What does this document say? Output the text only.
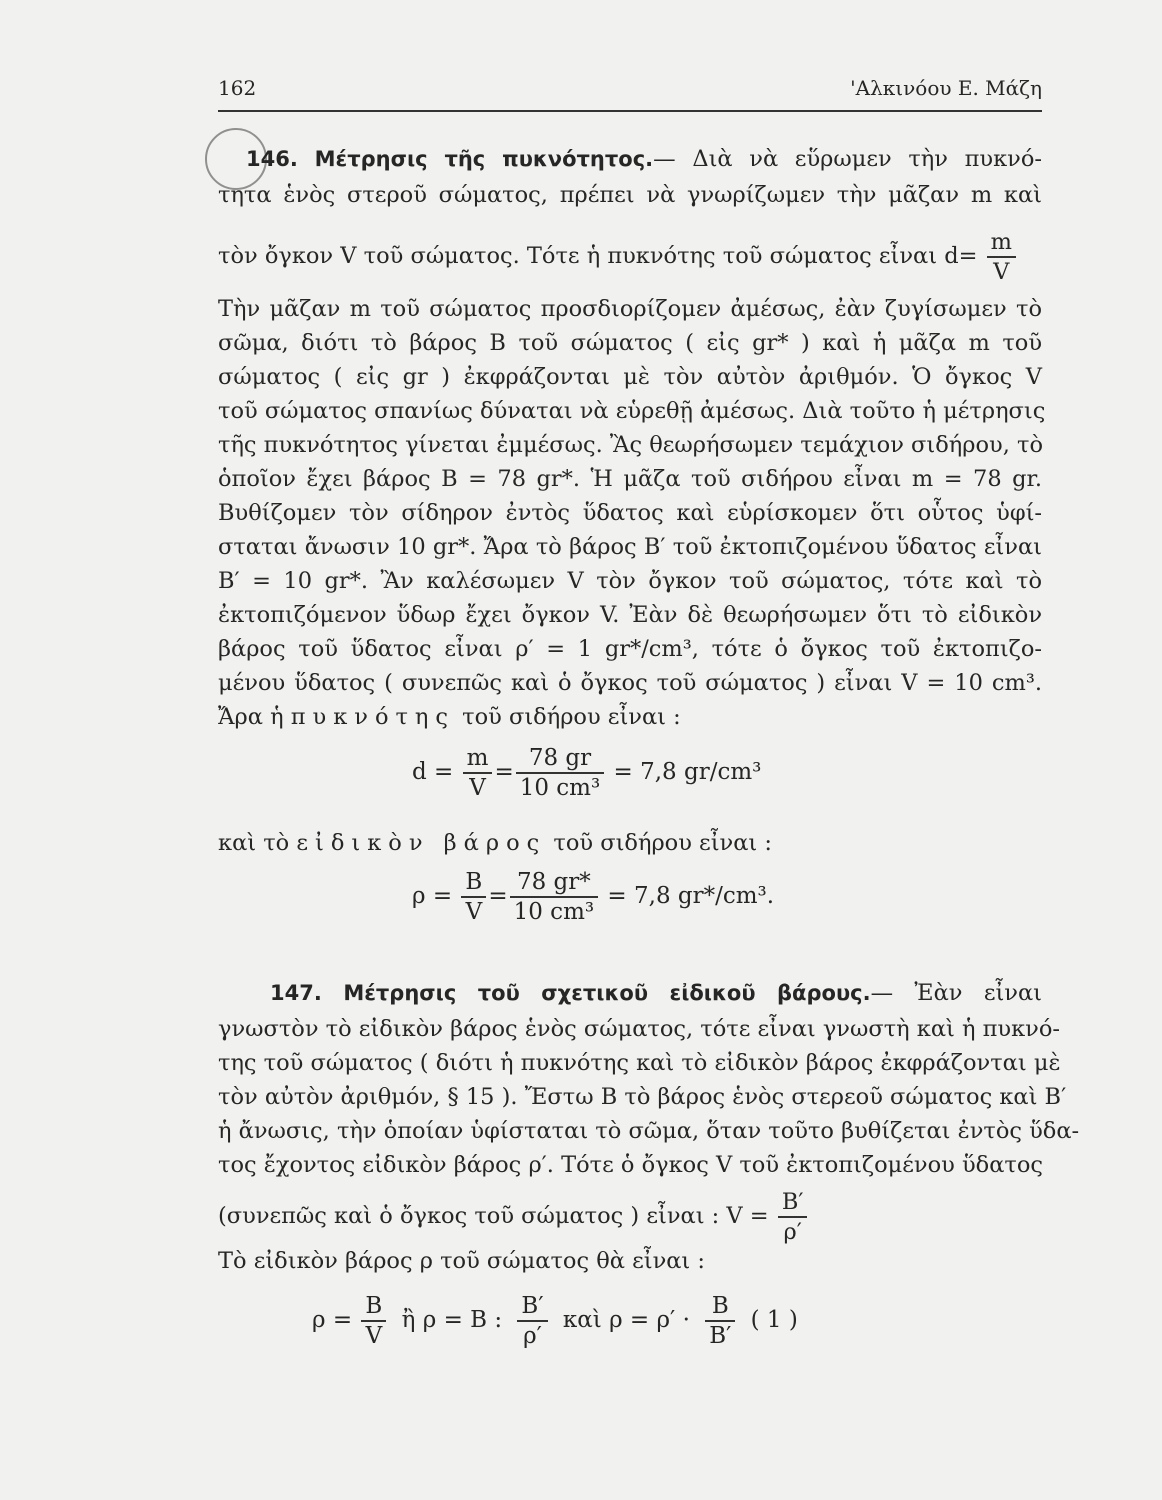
162	'Αλκινόου Ε. Μάζη
146. Μέτρησις τῆς πυκνότητος.— Διὰ νὰ εὕρωμεν τὴν πυκνό-
τητα ἑνὸς στεροῦ σώματος, πρέπει νὰ γνωρίζωμεν τὴν μᾶζαν m καὶ
τὸν ὄγκον V τοῦ σώματος. Τότε ἡ πυκνότης τοῦ σώματος εἶναι $d= \frac{m}{V}$
Τὴν μᾶζαν m τοῦ σώματος προσδιορίζομεν ἀμέσως, ἐὰν ζυγίσωμεν τὸ
σῶμα, διότι τὸ βάρος B τοῦ σώματος ( εἰς gr* ) καὶ ἡ μᾶζα m τοῦ
σώματος ( εἰς gr ) ἐκφράζονται μὲ τὸν αὐτὸν ἀριθμόν. Ὁ ὄγκος V
τοῦ σώματος σπανίως δύναται νὰ εὑρεθῇ ἀμέσως. Διὰ τοῦτο ἡ μέτρησις
τῆς πυκνότητος γίνεται ἐμμέσως. Ἂς θεωρήσωμεν τεμάχιον σιδήρου, τὸ
ὁποῖον ἔχει βάρος B = 78 gr*. Ἡ μᾶζα τοῦ σιδήρου εἶναι m = 78 gr.
Βυθίζομεν τὸν σίδηρον ἐντὸς ὕδατος καὶ εὑρίσκομεν ὅτι οὗτος ὑφί-
σταται ἄνωσιν 10 gr*. Ἄρα τὸ βάρος B′ τοῦ ἐκτοπιζομένου ὕδατος εἶναι
B′ = 10 gr*. Ἂν καλέσωμεν V τὸν ὄγκον τοῦ σώματος, τότε καὶ τὸ
ἐκτοπιζόμενον ὕδωρ ἔχει ὄγκον V. Ἐὰν δὲ θεωρήσωμεν ὅτι τὸ εἰδικὸν
βάρος τοῦ ὕδατος εἶναι ρ′ = 1 gr*/cm³, τότε ὁ ὄγκος τοῦ ἐκτοπιζο-
μένου ὕδατος ( συνεπῶς καὶ ὁ ὄγκος τοῦ σώματος ) εἶναι V = 10 cm³.
Ἄρα ἡ πυκνότης τοῦ σιδήρου εἶναι :
$d = \frac{m}{V} = \frac{78 gr}{\text{10 cm³}} = 7,8$ gr/cm³
καὶ τὸ εἰδικὸν βάρος τοῦ σιδήρου εἶναι :
$\rho = \frac{B}{V} = \frac{78 gr*}{\text{10 cm³}} = 7,8$ gr*/cm³.
147. Μέτρησις τοῦ σχετικοῦ εἰδικοῦ βάρους.— Ἐὰν εἶναι
γνωστὸν τὸ εἰδικὸν βάρος ἑνὸς σώματος, τότε εἶναι γνωστὴ καὶ ἡ πυκνό-
της τοῦ σώματος ( διότι ἡ πυκνότης καὶ τὸ εἰδικὸν βάρος ἐκφράζονται μὲ
τὸν αὐτὸν ἀριθμόν, § 15 ). Ἔστω B τὸ βάρος ἑνὸς στερεοῦ σώματος καὶ B′
ἡ ἄνωσις, τὴν ὁποίαν ὑφίσταται τὸ σῶμα, ὅταν τοῦτο βυθίζεται ἐντὸς ὕδα-
τος ἔχοντος εἰδικὸν βάρος ρ′. Τότε ὁ ὄγκος V τοῦ ἐκτοπιζομένου ὕδατος
(συνεπῶς καὶ ὁ ὄγκος τοῦ σώματος ) εἶναι : $V = \frac{B'}{\rho'}$
Τὸ εἰδικὸν βάρος ρ τοῦ σώματος θὰ εἶναι :
$\rho = \frac{B}{V}$ ἢ ρ = B : $\frac{B'}{\rho'}$ καὶ $\rho = \rho' \cdot \frac{B}{B'}$ ( 1 )
